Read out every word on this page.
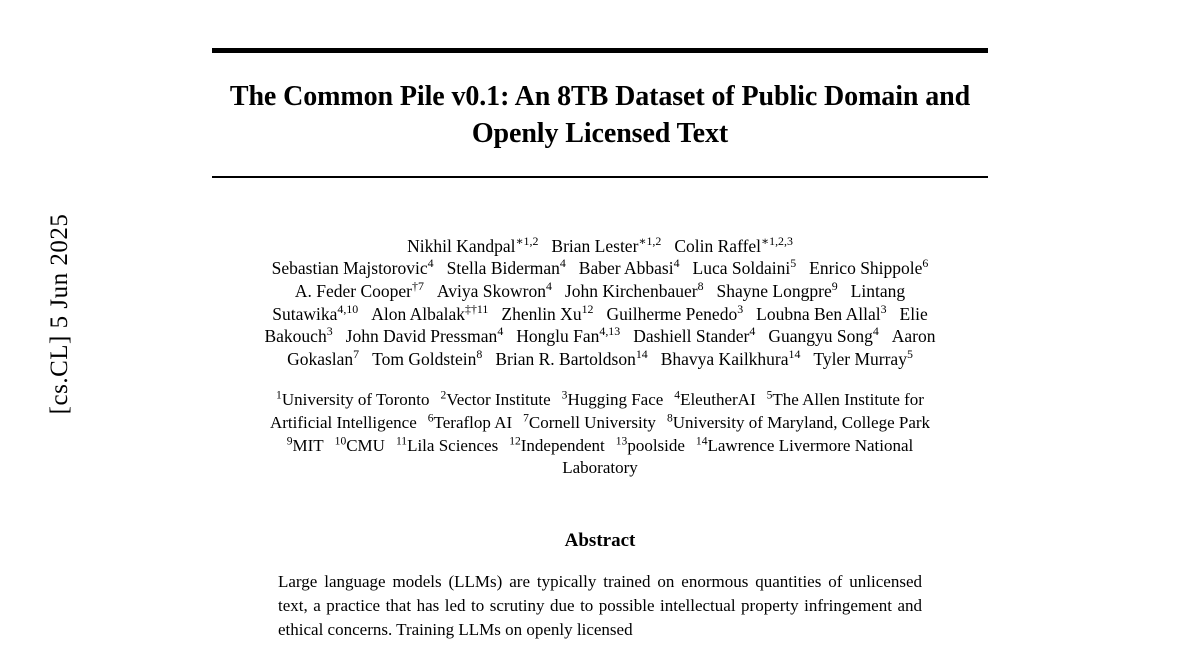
[cs.CL] 5 Jun 2025
The Common Pile v0.1: An 8TB Dataset of Public Domain and Openly Licensed Text
Nikhil Kandpal$^{∗1,2}$ Brian Lester$^{∗1,2}$ Colin Raffel$^{∗1,2,3}$
Sebastian Majstorovic$^4$ Stella Biderman$^4$ Baber Abbasi$^4$ Luca Soldaini$^5$ Enrico Shippole$^6$
A. Feder Cooper$^{\dagger 7}$ Aviya Skowron$^4$ John Kirchenbauer$^8$ Shayne Longpre$^9$ Lintang
Sutawika$^{4,10}$ Alon Albalak$^{\ddagger\dagger 11}$ Zhenlin Xu$^{12}$ Guilherme Penedo$^3$ Loubna Ben Allal$^3$ Elie
Bakouch$^3$ John David Pressman$^4$ Honglu Fan$^{4,13}$ Dashiell Stander$^4$ Guangyu Song$^4$ Aaron
Gokaslan$^7$ Tom Goldstein$^8$ Brian R. Bartoldson$^{14}$ Bhavya Kailkhura$^{14}$ Tyler Murray$^5$
$^1$University of Toronto $^2$Vector Institute $^3$Hugging Face $^4$EleutherAI $^5$The Allen Institute for
Artificial Intelligence $^6$Teraflop AI $^7$Cornell University $^8$University of Maryland, College Park
$^9$MIT $^{10}$CMU $^{11}$Lila Sciences $^{12}$Independent $^{13}$poolside $^{14}$Lawrence Livermore National
Laboratory
Abstract
Large language models (LLMs) are typically trained on enormous quantities of unlicensed text, a practice that has led to scrutiny due to possible intellectual property infringement and ethical concerns. Training LLMs on openly licensed
